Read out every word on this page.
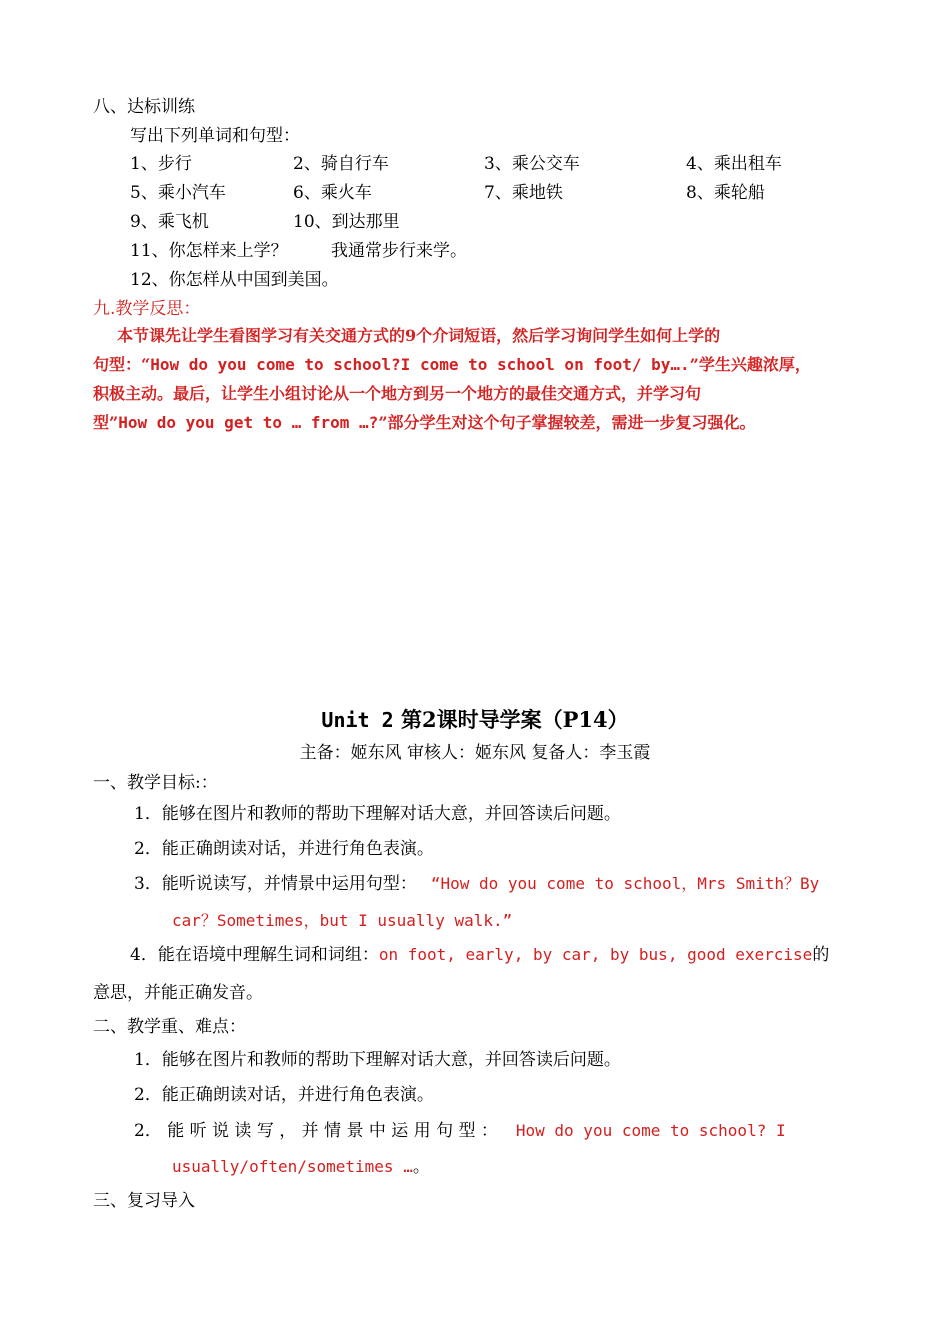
八、达标训练
写出下列单词和句型：
1、步行	2、骑自行车	3、乘公交车	4、乘出租车
5、乘小汽车	6、乘火车	7、乘地铁	8、乘轮船
9、乘飞机	10、到达那里
11、你怎样来上学？	我通常步行来学。
12、你怎样从中国到美国。
九.教学反思：
本节课先让学生看图学习有关交通方式的9个介词短语，然后学习询问学生如何上学的
句型：“How do you come to school?I come to school on foot/ by….”学生兴趣浓厚，
积极主动。最后，让学生小组讨论从一个地方到另一个地方的最佳交通方式，并学习句
型”How do you get to … from …?”部分学生对这个句子掌握较差，需进一步复习强化。
Unit 2 第2课时导学案（P14）
主备：姬东风 审核人：姬东风 复备人：李玉霞
一、教学目标:：
1．能够在图片和教师的帮助下理解对话大意，并回答读后问题。
2．能正确朗读对话，并进行角色表演。
3．能听说读写，并情景中运用句型： “How do you come to school，Mrs Smith？By
car？Sometimes，but I usually walk.”
4．能在语境中理解生词和词组：on foot, early, by car, by bus, good exercise的
意思，并能正确发音。
二、教学重、难点：
1．能够在图片和教师的帮助下理解对话大意，并回答读后问题。
2．能正确朗读对话，并进行角色表演。
2． 能 听 说 读 写 ， 并 情 景 中 运 用 句 型 ： How do you come to school? I
usually/often/sometimes …。
三、复习导入
